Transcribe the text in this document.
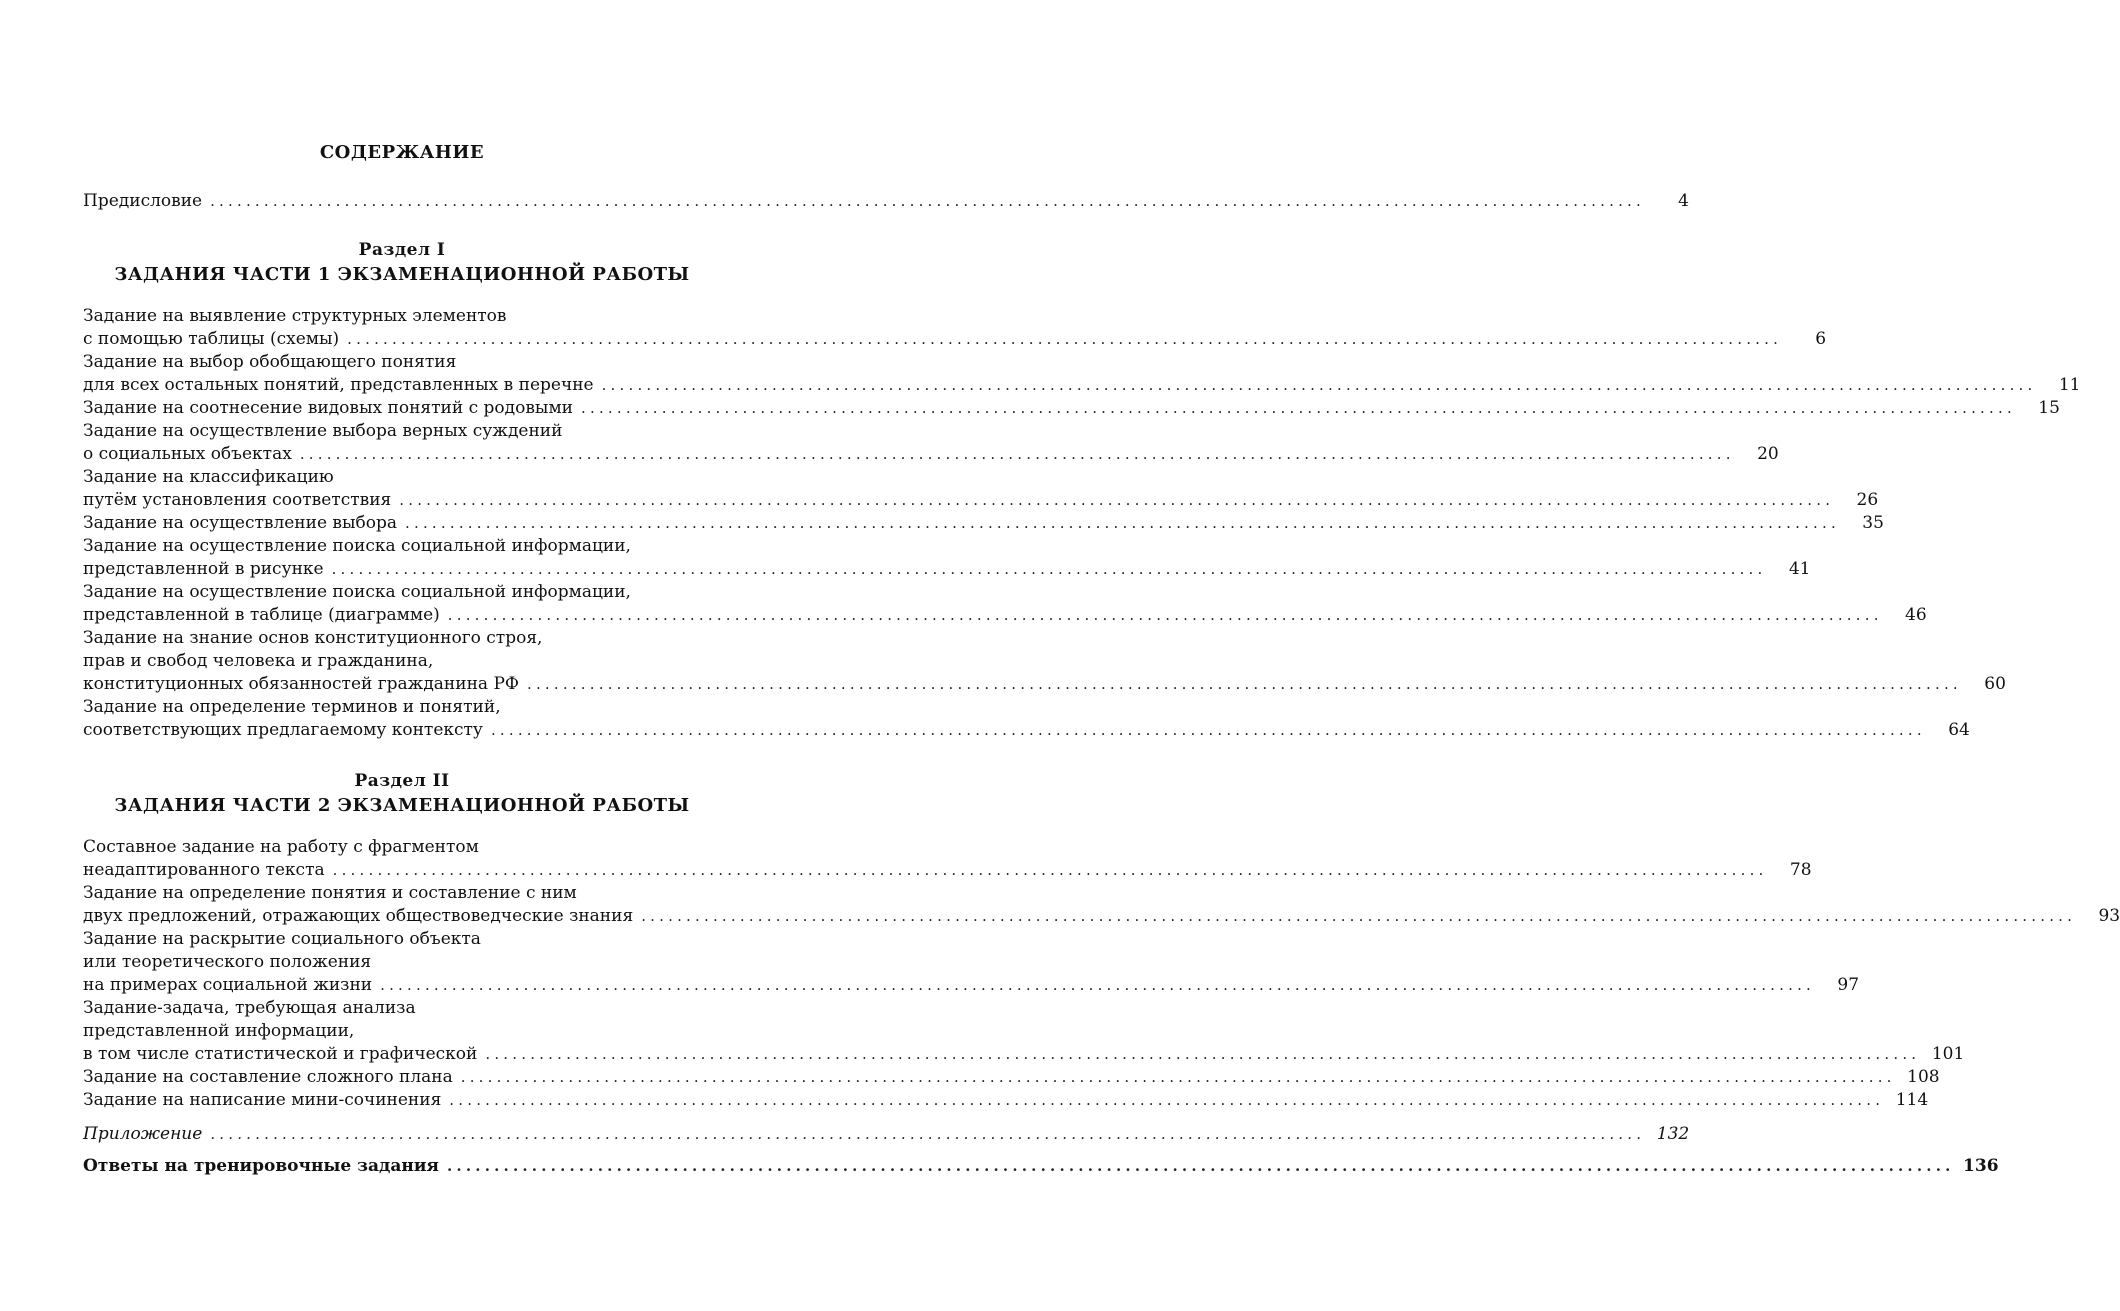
СОДЕРЖАНИЕ
Предисловие ................................................................................................................................................................	4
Раздел I
ЗАДАНИЯ ЧАСТИ 1 ЭКЗАМЕНАЦИОННОЙ РАБОТЫ
Задание на выявление структурных элементов
с помощью таблицы (схемы) ................................................................................................................................................................	6
Задание на выбор обобщающего понятия
для всех остальных понятий, представленных в перечне ................................................................................................................................................................	11
Задание на соотнесение видовых понятий с родовыми ................................................................................................................................................................	15
Задание на осуществление выбора верных суждений
о социальных объектах ................................................................................................................................................................	20
Задание на классификацию
путём установления соответствия ................................................................................................................................................................	26
Задание на осуществление выбора ................................................................................................................................................................	35
Задание на осуществление поиска социальной информации,
представленной в рисунке ................................................................................................................................................................	41
Задание на осуществление поиска социальной информации,
представленной в таблице (диаграмме) ................................................................................................................................................................	46
Задание на знание основ конституционного строя,
прав и свобод человека и гражданина,
конституционных обязанностей гражданина РФ ................................................................................................................................................................	60
Задание на определение терминов и понятий,
соответствующих предлагаемому контексту ................................................................................................................................................................	64
Раздел II
ЗАДАНИЯ ЧАСТИ 2 ЭКЗАМЕНАЦИОННОЙ РАБОТЫ
Составное задание на работу с фрагментом
неадаптированного текста ................................................................................................................................................................	78
Задание на определение понятия и составление с ним
двух предложений, отражающих обществоведческие знания ................................................................................................................................................................	93
Задание на раскрытие социального объекта
или теоретического положения
на примерах социальной жизни ................................................................................................................................................................	97
Задание-задача, требующая анализа
представленной информации,
в том числе статистической и графической ................................................................................................................................................................ 101
Задание на составление сложного плана ................................................................................................................................................................ 108
Задание на написание мини-сочинения ................................................................................................................................................................ 114
Приложение ................................................................................................................................................................ 132
Ответы на тренировочные задания ................................................................................................................................................................ 136
